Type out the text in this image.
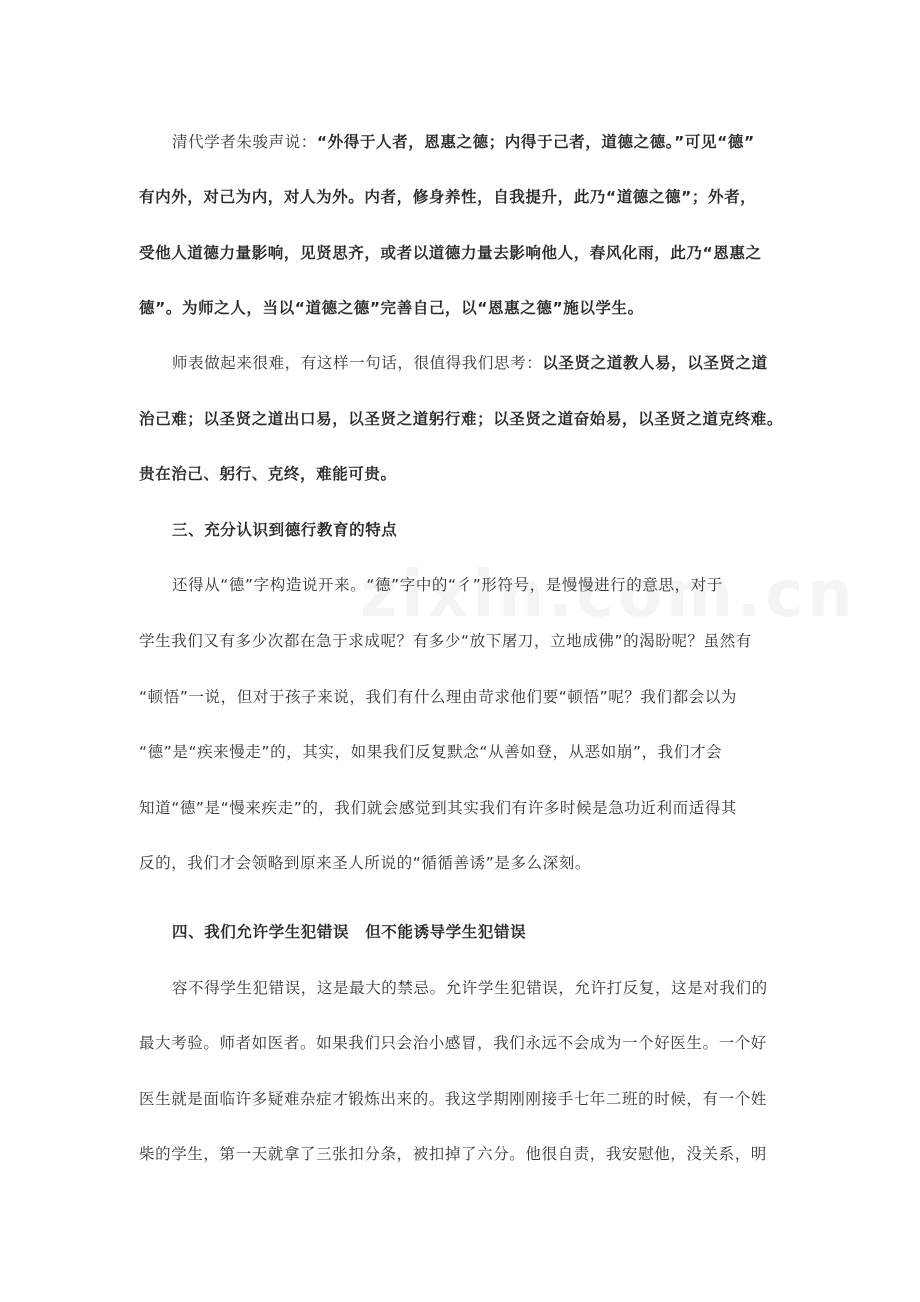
清代学者朱骏声说：“外得于人者，恩惠之德；内得于己者，道德之德。”可见“德”
有内外，对己为内，对人为外。内者，修身养性，自我提升，此乃“道德之德”；外者，
受他人道德力量影响，见贤思齐，或者以道德力量去影响他人，春风化雨，此乃“恩惠之
德”。为师之人，当以“道德之德”完善自己，以“恩惠之德”施以学生。
师表做起来很难，有这样一句话，很值得我们思考：以圣贤之道教人易，以圣贤之道
治己难；以圣贤之道出口易，以圣贤之道躬行难；以圣贤之道奋始易，以圣贤之道克终难。
贵在治己、躬行、克终，难能可贵。
三、充分认识到德行教育的特点
还得从“德”字构造说开来。“德”字中的“彳”形符号，是慢慢进行的意思，对于
学生我们又有多少次都在急于求成呢？有多少“放下屠刀，立地成佛”的渴盼呢？虽然有
“顿悟”一说，但对于孩子来说，我们有什么理由苛求他们要“顿悟”呢？我们都会以为
“德”是“疾来慢走”的，其实，如果我们反复默念“从善如登，从恶如崩”，我们才会
知道“德”是“慢来疾走”的，我们就会感觉到其实我们有许多时候是急功近利而适得其
反的，我们才会领略到原来圣人所说的“循循善诱”是多么深刻。
四、我们允许学生犯错误　但不能诱导学生犯错误
容不得学生犯错误，这是最大的禁忌。允许学生犯错误，允许打反复，这是对我们的
最大考验。师者如医者。如果我们只会治小感冒，我们永远不会成为一个好医生。一个好
医生就是面临许多疑难杂症才锻炼出来的。我这学期刚刚接手七年二班的时候，有一个姓
柴的学生，第一天就拿了三张扣分条，被扣掉了六分。他很自责，我安慰他，没关系，明
